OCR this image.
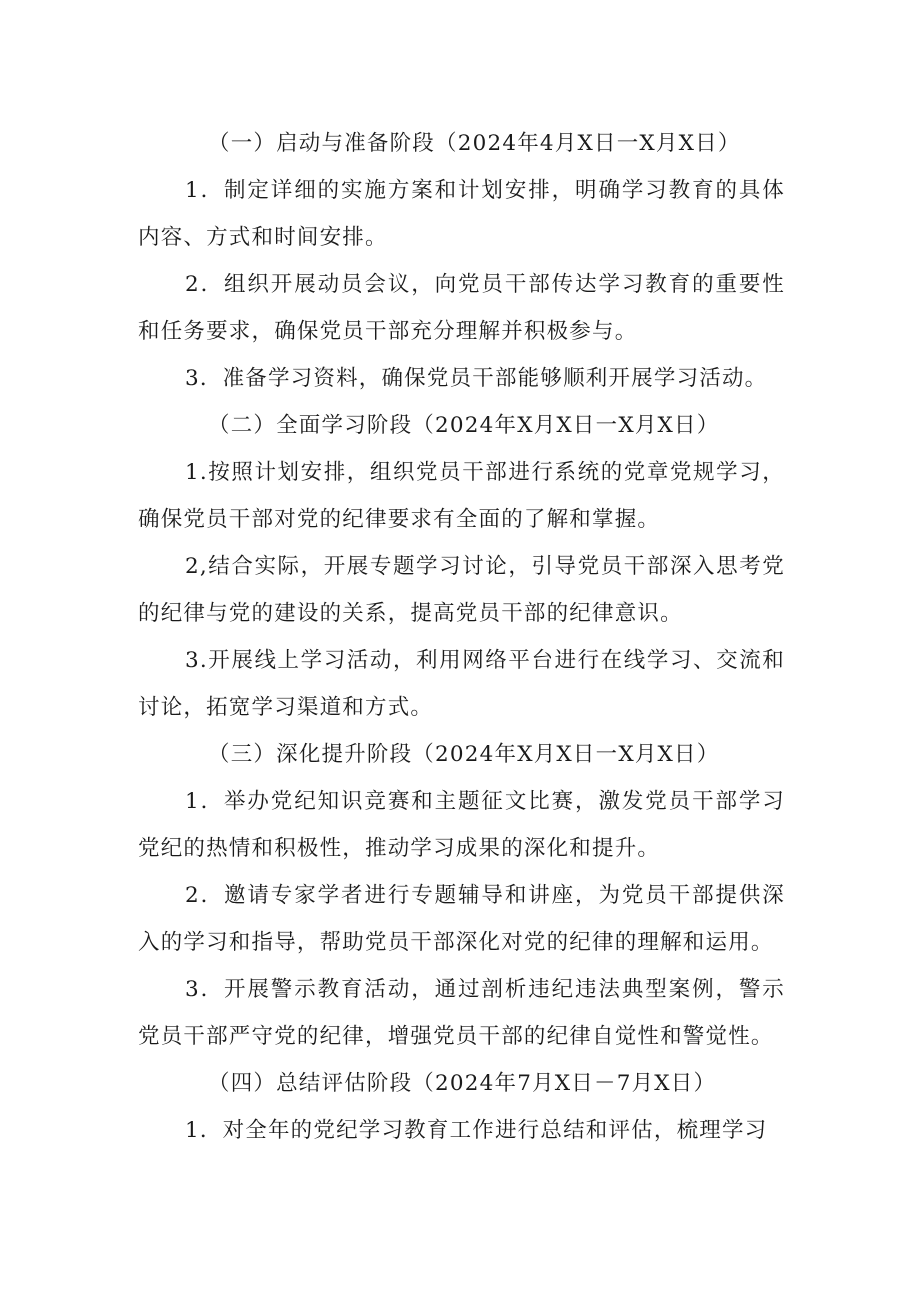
（一）启动与准备阶段（2024年4月X日一X月X日）

1．制定详细的实施方案和计划安排，明确学习教育的具体内容、方式和时间安排。

2．组织开展动员会议，向党员干部传达学习教育的重要性和任务要求，确保党员干部充分理解并积极参与。

3．准备学习资料，确保党员干部能够顺利开展学习活动。

（二）全面学习阶段（2024年X月X日一X月X日）

1.按照计划安排，组织党员干部进行系统的党章党规学习，确保党员干部对党的纪律要求有全面的了解和掌握。

2,结合实际，开展专题学习讨论，引导党员干部深入思考党的纪律与党的建设的关系，提高党员干部的纪律意识。

3.开展线上学习活动，利用网络平台进行在线学习、交流和讨论，拓宽学习渠道和方式。

（三）深化提升阶段（2024年X月X日一X月X日）

1．举办党纪知识竞赛和主题征文比赛，激发党员干部学习党纪的热情和积极性，推动学习成果的深化和提升。

2．邀请专家学者进行专题辅导和讲座，为党员干部提供深入的学习和指导，帮助党员干部深化对党的纪律的理解和运用。

3．开展警示教育活动，通过剖析违纪违法典型案例，警示党员干部严守党的纪律，增强党员干部的纪律自觉性和警觉性。

（四）总结评估阶段（2024年7月X日－7月X日）

1．对全年的党纪学习教育工作进行总结和评估，梳理学习
